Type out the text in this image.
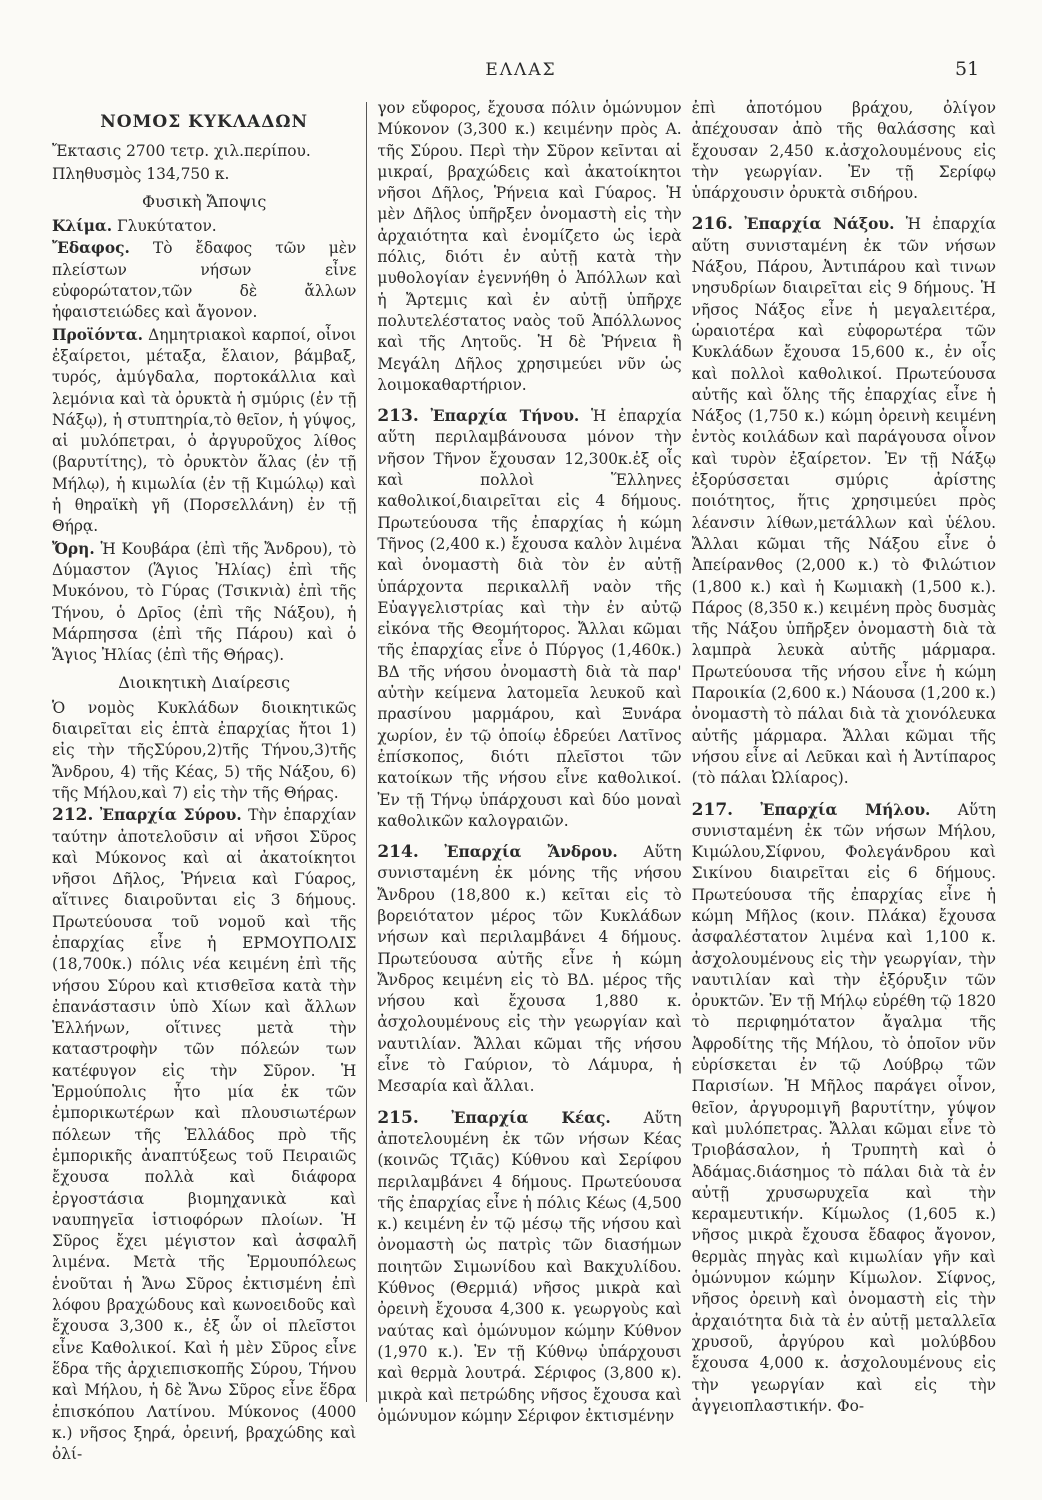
ΕΛΛΑΣ	51

ΝΟΜΟΣ ΚΥΚΛΑΔΩΝ

Ἔκτασις 2700 τετρ. χιλ.περίπου.

Πληθυσμὸς 134,750 κ.

Φυσικὴ Ἄποψις

Κλίμα. Γλυκύτατον.

Ἔδαφος. Τὸ ἔδαφος τῶν μὲν πλείστων νήσων εἶνε εὐφορώτατον,τῶν δὲ ἄλλων ἡφαιστειώδες καὶ ἄγονον.

Προϊόντα. Δημητριακοὶ καρποί, οἶνοι ἐξαίρετοι, μέταξα, ἔλαιον, βάμβαξ, τυρός, ἀμύγδαλα, πορτοκάλλια καὶ λεμόνια καὶ τὰ ὀρυκτὰ ἡ σμύρις (ἐν τῇ Νάξῳ), ἡ στυπτηρία,τὸ θεῖον, ἡ γύψος, αἱ μυλόπετραι, ὁ ἀργυροῦχος λίθος (βαρυτίτης), τὸ ὀρυκτὸν ἅλας (ἐν τῇ Μήλῳ), ἡ κιμωλία (ἐν τῇ Κιμώλῳ) καὶ ἡ θηραϊκὴ γῆ (Πορσελλάνη) ἐν τῇ Θήρᾳ.

Ὄρη. Ἡ Κουβάρα (ἐπὶ τῆς Ἄνδρου), τὸ Δύμαστον (Ἅγιος Ἠλίας) ἐπὶ τῆς Μυκόνου, τὸ Γύρας (Τσικνιὰ) ἐπὶ τῆς Τήνου, ὁ Δρῖος (ἐπὶ τῆς Νάξου), ἡ Μάρπησσα (ἐπὶ τῆς Πάρου) καὶ ὁ Ἅγιος Ἠλίας (ἐπὶ τῆς Θήρας).

Διοικητικὴ Διαίρεσις

Ὁ νομὸς Κυκλάδων διοικητικῶς διαιρεῖται εἰς ἑπτὰ ἐπαρχίας ἤτοι 1) εἰς τὴν τῆςΣύρου,2)τῆς Τήνου,3)τῆς Ἄνδρου, 4) τῆς Κέας, 5) τῆς Νάξου, 6) τῆς Μήλου,καὶ 7) εἰς τὴν τῆς Θήρας.

212. Ἐπαρχία Σύρου. Τὴν ἐπαρχίαν ταύτην ἀποτελοῦσιν αἱ νῆσοι Σῦρος καὶ Μύκονος καὶ αἱ ἀκατοίκητοι νῆσοι Δῆλος, Ῥήνεια καὶ Γύαρος, αἵτινες διαιροῦνται εἰς 3 δήμους. Πρωτεύουσα τοῦ νομοῦ καὶ τῆς ἐπαρχίας εἶνε ἡ ΕΡΜΟΥΠΟΛΙΣ (18,700κ.) πόλις νέα κειμένη ἐπὶ τῆς νήσου Σύρου καὶ κτισθεῖσα κατὰ τὴν ἐπανάστασιν ὑπὸ Χίων καὶ ἄλλων Ἑλλήνων, οἵτινες μετὰ τὴν καταστροφὴν τῶν πόλεών των κατέφυγον εἰς τὴν Σῦρον. Ἡ Ἑρμούπολις ἦτο μία ἐκ τῶν ἐμπορικωτέρων καὶ πλουσιωτέρων πόλεων τῆς Ἑλλάδος πρὸ τῆς ἐμπορικῆς ἀναπτύξεως τοῦ Πειραιῶς ἔχουσα πολλὰ καὶ διάφορα ἐργοστάσια βιομηχανικὰ καὶ ναυπηγεῖα ἱστιοφόρων πλοίων. Ἡ Σῦρος ἔχει μέγιστον καὶ ἀσφαλῆ λιμένα. Μετὰ τῆς Ἑρμουπόλεως ἑνοῦται ἡ Ἄνω Σῦρος ἐκτισμένη ἐπὶ λόφου βραχώδους καὶ κωνοειδοῦς καὶ ἔχουσα 3,300 κ., ἐξ ὧν οἱ πλεῖστοι εἶνε Καθολικοί. Καὶ ἡ μὲν Σῦρος εἶνε ἕδρα τῆς ἀρχιεπισκοπῆς Σύρου, Τήνου καὶ Μήλου, ἡ δὲ Ἄνω Σῦρος εἶνε ἕδρα ἐπισκόπου Λατίνου. Μύκονος (4000 κ.) νῆσος ξηρά, ὀρεινή, βραχώδης καὶ ὀλί-

γον εὔφορος, ἔχουσα πόλιν ὁμώνυμον Μύκονον (3,300 κ.) κειμένην πρὸς Α. τῆς Σύρου. Περὶ τὴν Σῦρον κεῖνται αἱ μικραί, βραχώδεις καὶ ἀκατοίκητοι νῆσοι Δῆλος, Ῥήνεια καὶ Γύαρος. Ἡ μὲν Δῆλος ὑπῆρξεν ὀνομαστὴ εἰς τὴν ἀρχαιότητα καὶ ἐνομίζετο ὡς ἱερὰ πόλις, διότι ἐν αὐτῇ κατὰ τὴν μυθολογίαν ἐγεννήθη ὁ Ἀπόλλων καὶ ἡ Ἄρτεμις καὶ ἐν αὐτῇ ὑπῆρχε πολυτελέστατος ναὸς τοῦ Ἀπόλλωνος καὶ τῆς Λητοῦς. Ἡ δὲ Ῥήνεια ἢ Μεγάλη Δῆλος χρησιμεύει νῦν ὡς λοιμοκαθαρτήριον.

213. Ἐπαρχία Τήνου. Ἡ ἐπαρχία αὕτη περιλαμβάνουσα μόνον τὴν νῆσον Τῆνον ἔχουσαν 12,300κ.ἐξ οἷς καὶ πολλοὶ Ἕλληνες καθολικοί,διαιρεῖται εἰς 4 δήμους. Πρωτεύουσα τῆς ἐπαρχίας ἡ κώμη Τῆνος (2,400 κ.) ἔχουσα καλὸν λιμένα καὶ ὀνομαστὴ διὰ τὸν ἐν αὐτῇ ὑπάρχοντα περικαλλῆ ναὸν τῆς Εὐαγγελιστρίας καὶ τὴν ἐν αὐτῷ εἰκόνα τῆς Θεομήτορος. Ἄλλαι κῶμαι τῆς ἐπαρχίας εἶνε ὁ Πύργος (1,460κ.) ΒΔ τῆς νήσου ὀνομαστὴ διὰ τὰ παρ' αὐτὴν κείμενα λατομεῖα λευκοῦ καὶ πρασίνου μαρμάρου, καὶ Ξυνάρα χωρίον, ἐν τῷ ὁποίῳ ἑδρεύει Λατῖνος ἐπίσκοπος, διότι πλεῖστοι τῶν κατοίκων τῆς νήσου εἶνε καθολικοί. Ἐν τῇ Τήνῳ ὑπάρχουσι καὶ δύο μοναὶ καθολικῶν καλογραιῶν.

214. Ἐπαρχία Ἄνδρου. Αὕτη συνισταμένη ἐκ μόνης τῆς νήσου Ἄνδρου (18,800 κ.) κεῖται εἰς τὸ βορειότατον μέρος τῶν Κυκλάδων νήσων καὶ περιλαμβάνει 4 δήμους. Πρωτεύουσα αὐτῆς εἶνε ἡ κώμη Ἄνδρος κειμένη εἰς τὸ ΒΔ. μέρος τῆς νήσου καὶ ἔχουσα 1,880 κ. ἀσχολουμένους εἰς τὴν γεωργίαν καὶ ναυτιλίαν. Ἄλλαι κῶμαι τῆς νήσου εἶνε τὸ Γαύριον, τὸ Λάμυρα, ἡ Μεσαρία καὶ ἄλλαι.

215. Ἐπαρχία Κέας. Αὕτη ἀποτελουμένη ἐκ τῶν νήσων Κέας (κοινῶς Τζιᾶς) Κύθνου καὶ Σερίφου περιλαμβάνει 4 δήμους. Πρωτεύουσα τῆς ἐπαρχίας εἶνε ἡ πόλις Κέως (4,500 κ.) κειμένη ἐν τῷ μέσῳ τῆς νήσου καὶ ὀνομαστὴ ὡς πατρὶς τῶν διασήμων ποιητῶν Σιμωνίδου καὶ Βακχυλίδου. Κύθνος (Θερμιά) νῆσος μικρὰ καὶ ὀρεινὴ ἔχουσα 4,300 κ. γεωργοὺς καὶ ναύτας καὶ ὁμώνυμον κώμην Κύθνον (1,970 κ.). Ἐν τῇ Κύθνῳ ὑπάρχουσι καὶ θερμὰ λουτρά. Σέριφος (3,800 κ). μικρὰ καὶ πετρώδης νῆσος ἔχουσα καὶ ὁμώνυμον κώμην Σέριφον ἐκτισμένην

ἐπὶ ἀποτόμου βράχου, ὀλίγον ἀπέχουσαν ἀπὸ τῆς θαλάσσης καὶ ἔχουσαν 2,450 κ.ἀσχολουμένους εἰς τὴν γεωργίαν. Ἐν τῇ Σερίφῳ ὑπάρχουσιν ὀρυκτὰ σιδήρου.

216. Ἐπαρχία Νάξου. Ἡ ἐπαρχία αὕτη συνισταμένη ἐκ τῶν νήσων Νάξου, Πάρου, Ἀντιπάρου καὶ τινων νησυδρίων διαιρεῖται εἰς 9 δήμους. Ἡ νῆσος Νάξος εἶνε ἡ μεγαλειτέρα, ὡραιοτέρα καὶ εὐφορωτέρα τῶν Κυκλάδων ἔχουσα 15,600 κ., ἐν οἷς καὶ πολλοὶ καθολικοί. Πρωτεύουσα αὐτῆς καὶ ὅλης τῆς ἐπαρχίας εἶνε ἡ Νάξος (1,750 κ.) κώμη ὀρεινὴ κειμένη ἐντὸς κοιλάδων καὶ παράγουσα οἶνον καὶ τυρὸν ἐξαίρετον. Ἐν τῇ Νάξῳ ἐξορύσσεται σμύρις ἀρίστης ποιότητος, ἥτις χρησιμεύει πρὸς λέανσιν λίθων,μετάλλων καὶ ὑέλου. Ἄλλαι κῶμαι τῆς Νάξου εἶνε ὁ Ἀπείρανθος (2,000 κ.) τὸ Φιλώτιον (1,800 κ.) καὶ ἡ Κωμιακὴ (1,500 κ.). Πάρος (8,350 κ.) κειμένη πρὸς δυσμὰς τῆς Νάξου ὑπῆρξεν ὀνομαστὴ διὰ τὰ λαμπρὰ λευκὰ αὐτῆς μάρμαρα. Πρωτεύουσα τῆς νήσου εἶνε ἡ κώμη Παροικία (2,600 κ.) Νάουσα (1,200 κ.) ὀνομαστὴ τὸ πάλαι διὰ τὰ χιονόλευκα αὐτῆς μάρμαρα. Ἄλλαι κῶμαι τῆς νήσου εἶνε αἱ Λεῦκαι καὶ ἡ Ἀντίπαρος (τὸ πάλαι Ὠλίαρος).

217. Ἐπαρχία Μήλου. Αὕτη συνισταμένη ἐκ τῶν νήσων Μήλου, Κιμώλου,Σίφνου, Φολεγάνδρου καὶ Σικίνου διαιρεῖται εἰς 6 δήμους. Πρωτεύουσα τῆς ἐπαρχίας εἶνε ἡ κώμη Μῆλος (κοιν. Πλάκα) ἔχουσα ἀσφαλέστατον λιμένα καὶ 1,100 κ. ἀσχολουμένους εἰς τὴν γεωργίαν, τὴν ναυτιλίαν καὶ τὴν ἐξόρυξιν τῶν ὀρυκτῶν. Ἐν τῇ Μήλῳ εὑρέθη τῷ 1820 τὸ περιφημότατον ἄγαλμα τῆς Ἀφροδίτης τῆς Μήλου, τὸ ὁποῖον νῦν εὑρίσκεται ἐν τῷ Λούβρῳ τῶν Παρισίων. Ἡ Μῆλος παράγει οἶνον, θεῖον, ἀργυρομιγῆ βαρυτίτην, γύψον καὶ μυλόπετρας. Ἄλλαι κῶμαι εἶνε τὸ Τριοβάσαλον, ἡ Τρυπητὴ καὶ ὁ Ἀδάμας.διάσημος τὸ πάλαι διὰ τὰ ἐν αὐτῇ χρυσωρυχεῖα καὶ τὴν κεραμευτικήν. Κίμωλος (1,605 κ.) νῆσος μικρὰ ἔχουσα ἔδαφος ἄγονον, θερμὰς πηγὰς καὶ κιμωλίαν γῆν καὶ ὁμώνυμον κώμην Κίμωλον. Σίφνος, νῆσος ὀρεινὴ καὶ ὀνομαστὴ εἰς τὴν ἀρχαιότητα διὰ τὰ ἐν αὐτῇ μεταλλεῖα χρυσοῦ, ἀργύρου καὶ μολύβδου ἔχουσα 4,000 κ. ἀσχολουμένους εἰς τὴν γεωργίαν καὶ εἰς τὴν ἀγγειοπλαστικήν. Φο-
